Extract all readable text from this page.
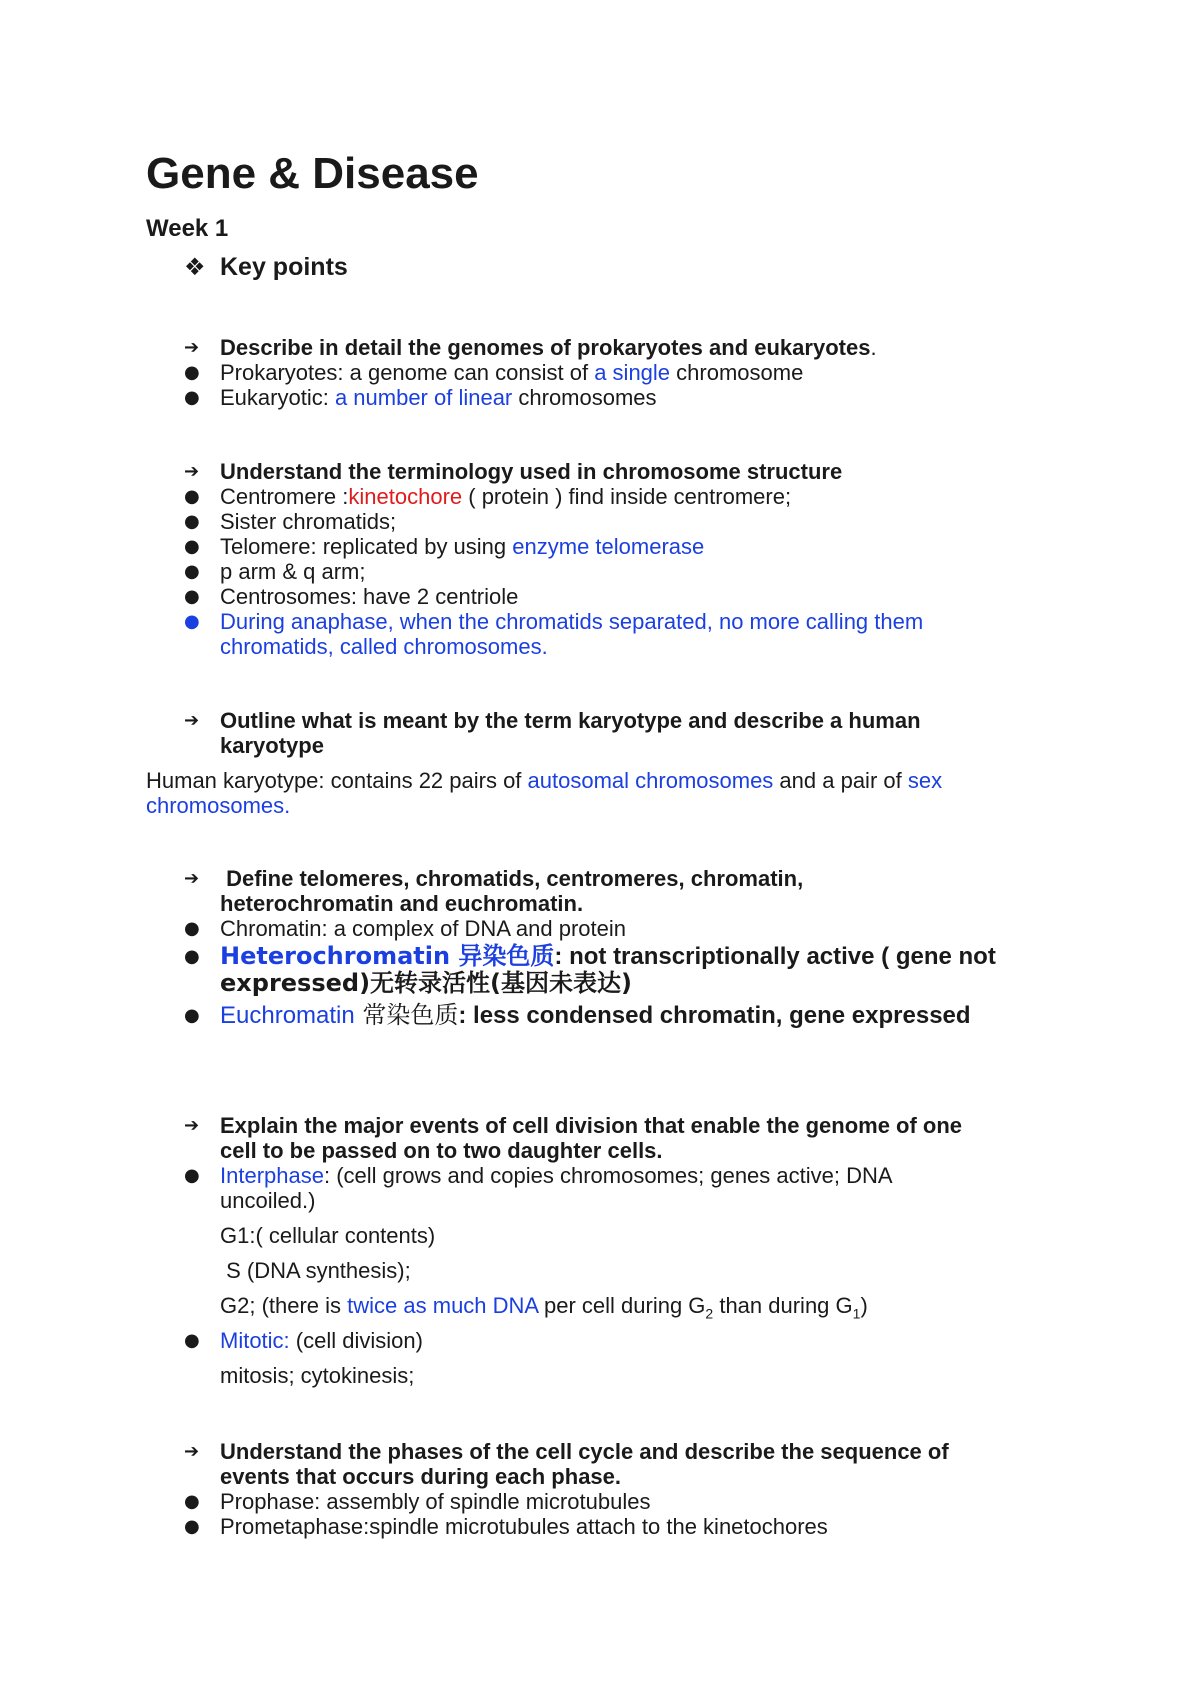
Gene & Disease
Week 1
❖ Key points
➔ Describe in detail the genomes of prokaryotes and eukaryotes.
● Prokaryotes: a genome can consist of a single chromosome
● Eukaryotic: a number of linear chromosomes
➔ Understand the terminology used in chromosome structure
● Centromere :kinetochore ( protein ) find inside centromere;
● Sister chromatids;
● Telomere: replicated by using enzyme telomerase
● p arm & q arm;
● Centrosomes: have 2 centriole
● During anaphase, when the chromatids separated, no more calling them
chromatids, called chromosomes.
➔ Outline what is meant by the term karyotype and describe a human
karyotype
Human karyotype: contains 22 pairs of autosomal chromosomes and a pair of sex
chromosomes.
➔ Define telomeres, chromatids, centromeres, chromatin,
heterochromatin and euchromatin.
● Chromatin: a complex of DNA and protein
● Heterochromatin 异染色质: not transcriptionally active ( gene not
expressed)无转录活性(基因未表达)
● Euchromatin 常染色质: less condensed chromatin, gene expressed
➔ Explain the major events of cell division that enable the genome of one
cell to be passed on to two daughter cells.
● Interphase: (cell grows and copies chromosomes; genes active; DNA
uncoiled.)
G1:( cellular contents)
S (DNA synthesis);
G2; (there is twice as much DNA per cell during $G_2$ than during $G_1$)
● Mitotic: (cell division)
mitosis; cytokinesis;
➔ Understand the phases of the cell cycle and describe the sequence of
events that occurs during each phase.
● Prophase: assembly of spindle microtubules
● Prometaphase:spindle microtubules attach to the kinetochores
